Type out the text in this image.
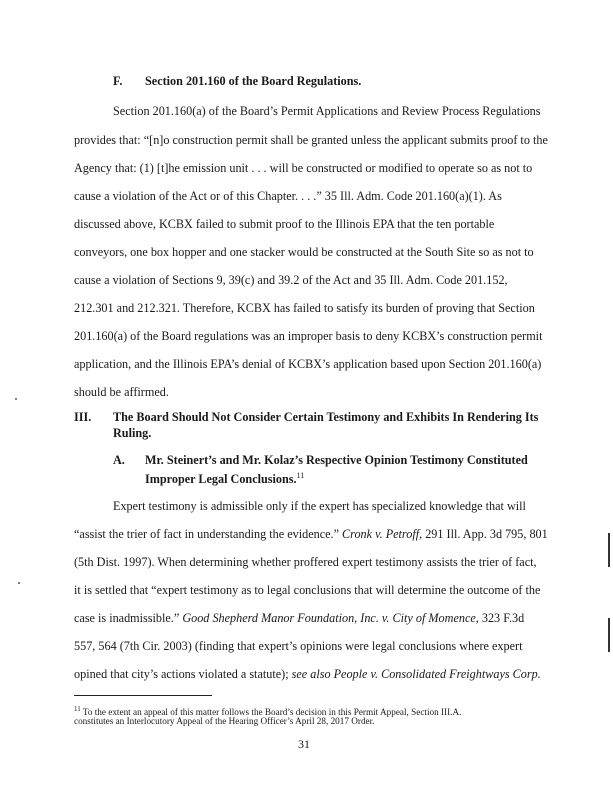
F. Section 201.160 of the Board Regulations.
Section 201.160(a) of the Board’s Permit Applications and Review Process Regulations
provides that: “[n]o construction permit shall be granted unless the applicant submits proof to the
Agency that: (1) [t]he emission unit . . . will be constructed or modified to operate so as not to
cause a violation of the Act or of this Chapter. . . .” 35 Ill. Adm. Code 201.160(a)(1). As
discussed above, KCBX failed to submit proof to the Illinois EPA that the ten portable
conveyors, one box hopper and one stacker would be constructed at the South Site so as not to
cause a violation of Sections 9, 39(c) and 39.2 of the Act and 35 Ill. Adm. Code 201.152,
212.301 and 212.321. Therefore, KCBX has failed to satisfy its burden of proving that Section
201.160(a) of the Board regulations was an improper basis to deny KCBX’s construction permit
application, and the Illinois EPA’s denial of KCBX’s application based upon Section 201.160(a)
should be affirmed.
III. The Board Should Not Consider Certain Testimony and Exhibits In Rendering Its
Ruling.
A. Mr. Steinert’s and Mr. Kolaz’s Respective Opinion Testimony Constituted
Improper Legal Conclusions.$^{11}$
Expert testimony is admissible only if the expert has specialized knowledge that will
“assist the trier of fact in understanding the evidence.” Cronk v. Petroff, 291 Ill. App. 3d 795, 801
(5th Dist. 1997). When determining whether proffered expert testimony assists the trier of fact,
it is settled that “expert testimony as to legal conclusions that will determine the outcome of the
case is inadmissible.” Good Shepherd Manor Foundation, Inc. v. City of Momence, 323 F.3d
557, 564 (7th Cir. 2003) (finding that expert’s opinions were legal conclusions where expert
opined that city’s actions violated a statute); see also People v. Consolidated Freightways Corp.
$^{11}$ To the extent an appeal of this matter follows the Board’s decision in this Permit Appeal, Section III.A.
constitutes an Interlocutory Appeal of the Hearing Officer’s April 28, 2017 Order.
31
